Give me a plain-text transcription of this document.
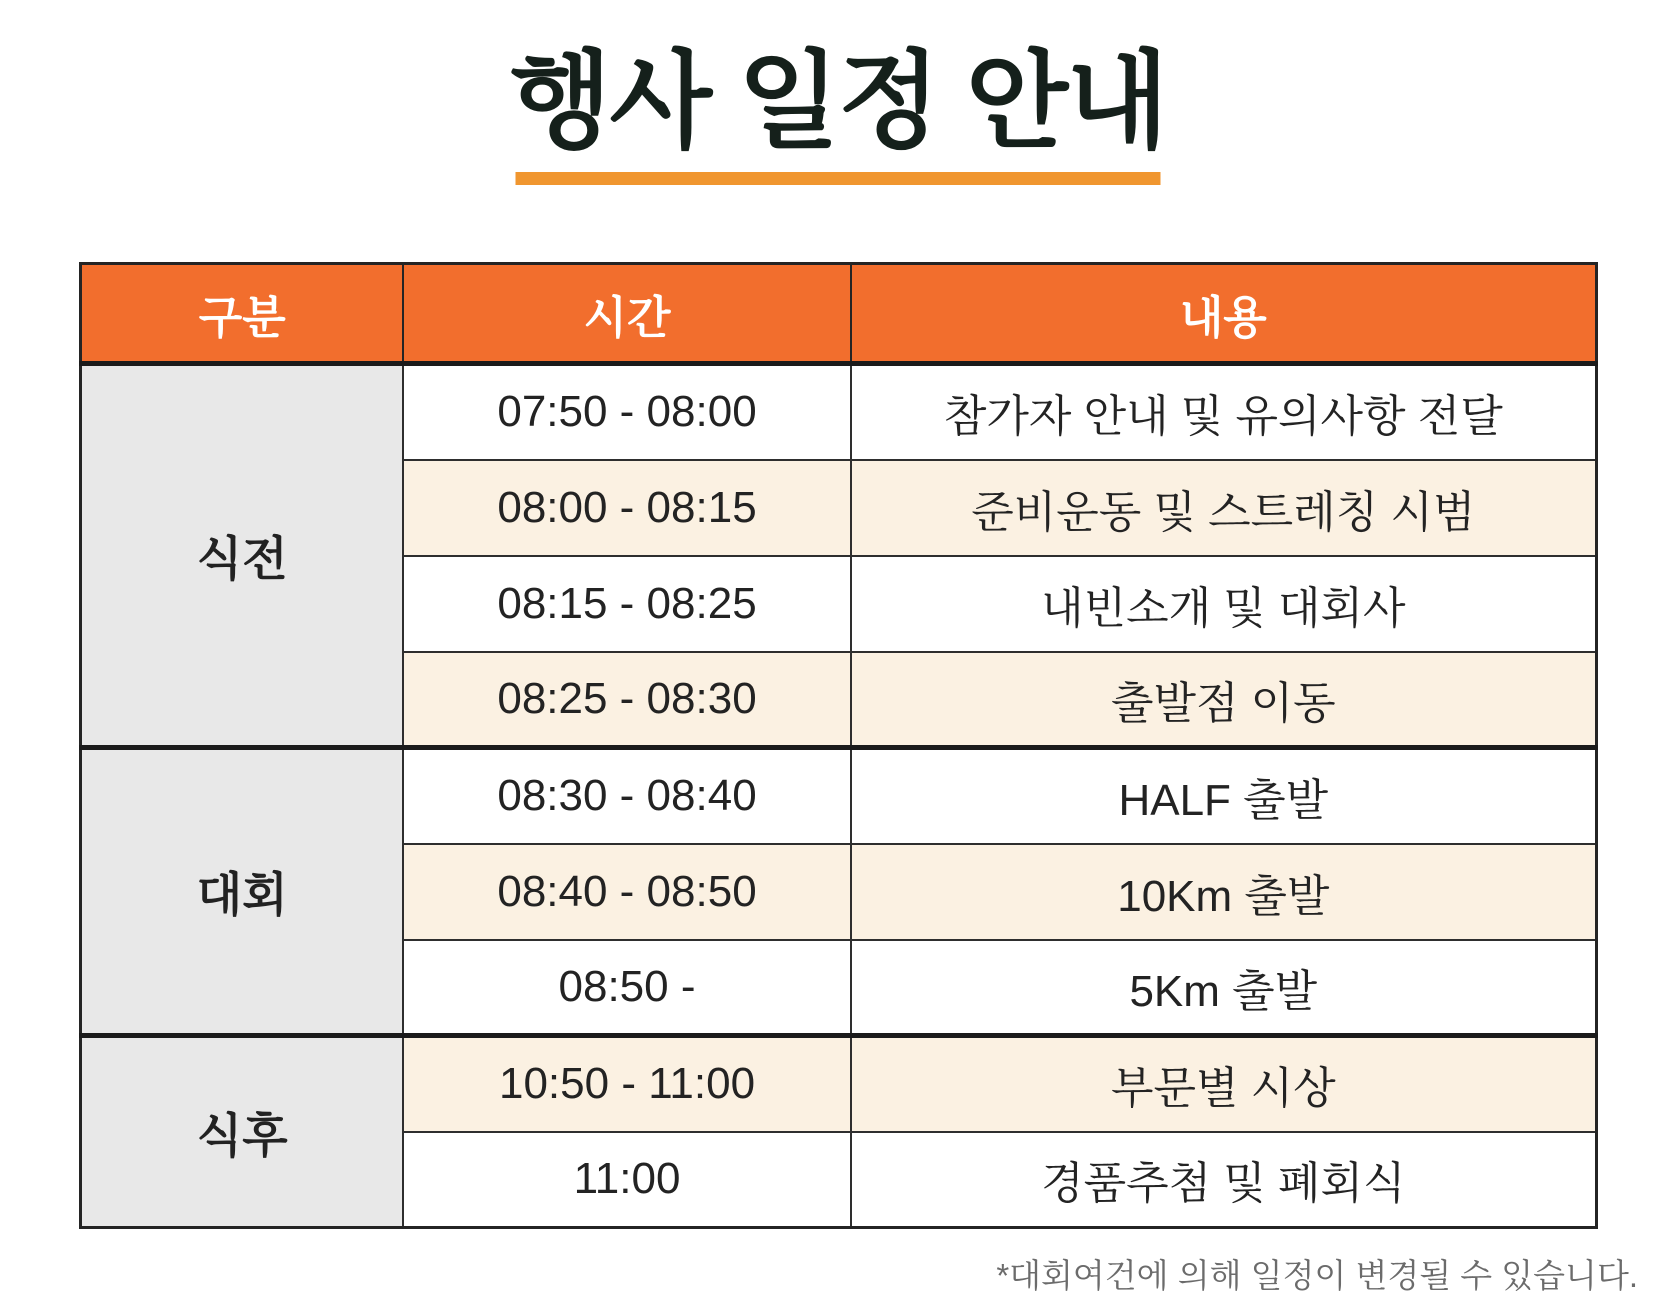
행사 일정 안내
구분	시간	내용
식전	07:50 - 08:00	참가자 안내 및 유의사항 전달
	08:00 - 08:15	준비운동 및 스트레칭 시범
	08:15 - 08:25	내빈소개 및 대회사
	08:25 - 08:30	출발점 이동
대회	08:30 - 08:40	HALF 출발
	08:40 - 08:50	10Km 출발
	08:50 -	5Km 출발
식후	10:50 - 11:00	부문별 시상
	11:00	경품추첨 및 폐회식
*대회여건에 의해 일정이 변경될 수 있습니다.
